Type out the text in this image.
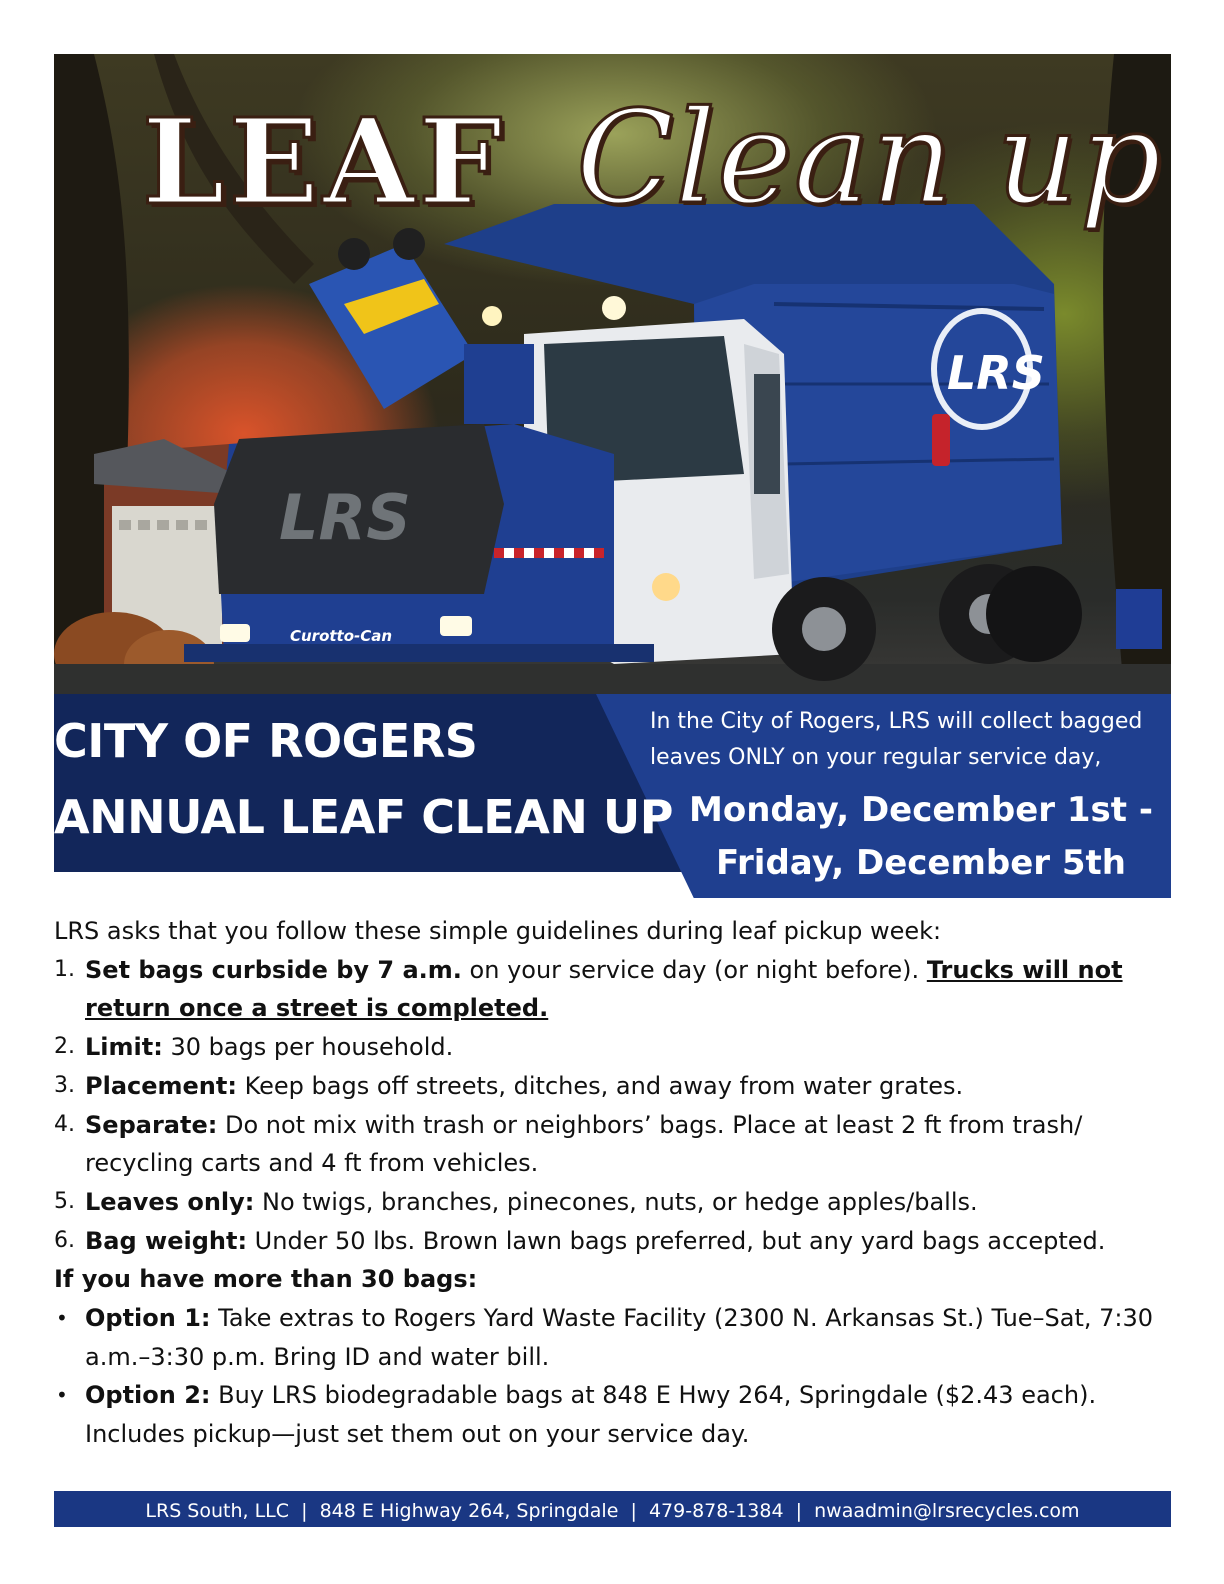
LRS
LRS
Curotto-Can
LEAF Clean up
CITY OF ROGERS
ANNUAL LEAF CLEAN UP

In the City of Rogers, LRS will collect bagged leaves ONLY on your regular service day,

Monday, December 1st -
Friday, December 5th

LRS asks that you follow these simple guidelines during leaf pickup week:

1. Set bags curbside by 7 a.m. on your service day (or night before). Trucks will not return once a street is completed.
2. Limit: 30 bags per household.
3. Placement: Keep bags off streets, ditches, and away from water grates.
4. Separate: Do not mix with trash or neighbors’ bags. Place at least 2 ft from trash/ recycling carts and 4 ft from vehicles.
5. Leaves only: No twigs, branches, pinecones, nuts, or hedge apples/balls.
6. Bag weight: Under 50 lbs. Brown lawn bags preferred, but any yard bags accepted.

If you have more than 30 bags:

• Option 1: Take extras to Rogers Yard Waste Facility (2300 N. Arkansas St.) Tue–Sat, 7:30 a.m.–3:30 p.m. Bring ID and water bill.
• Option 2: Buy LRS biodegradable bags at 848 E Hwy 264, Springdale ($2.43 each). Includes pickup—just set them out on your service day.
LRS South, LLC  |  848 E Highway 264, Springdale  |  479-878-1384  |  nwaadmin@lrsrecycles.com
